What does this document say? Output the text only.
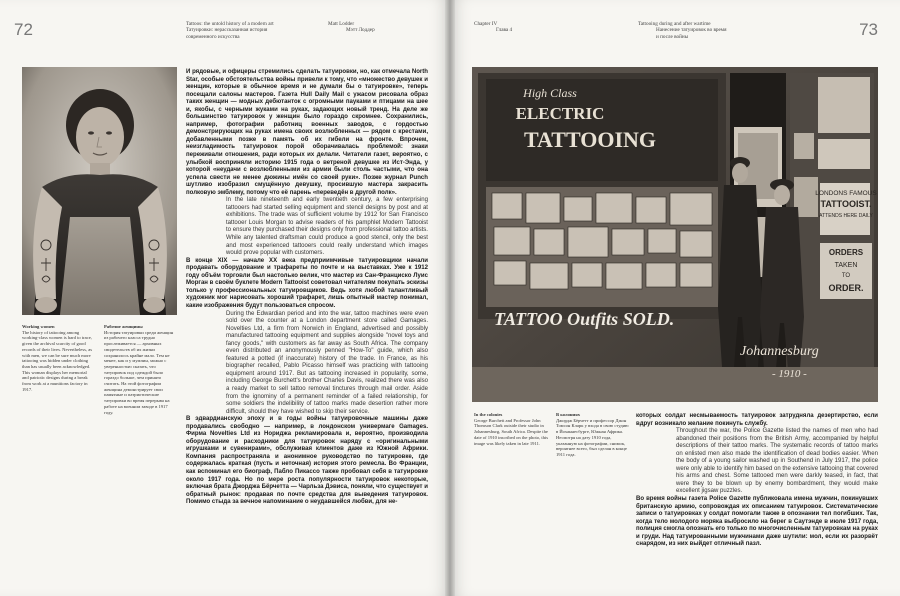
72	Tattoos: the untold history of a modern art
Татуировки: нерассказанная история
современного искусства
Matt Lodder
Мэтт Лоддер
Working women
The history of tattooing among working-class women is hard to trace, given the archival scarcity of good records of their lives. Nevertheless, as with men, we can be sure much more tattooing was hidden under clothing than has usually been acknowledged. This woman displays her memorial and patriotic designs during a break from work at a munitions factory in 1917.
Рабочие женщины
История татуировки среди женщин из рабочего класса трудно прослеживается — архивных свидетельств об их жизни сохранилось крайне мало. Тем не менее, как и у мужчин, можно с уверенностью сказать, что татуировок под одеждой было гораздо больше, чем принято считать. На этой фотографии женщина демонстрирует свои памятные и патриотические татуировки во время перерыва на работе на военном заводе в 1917 году.

И рядовые, и офицеры стремились сделать татуировки, но, как отмечала North Star, особые обстоятельства войны привели к тому, что «множество девушек и женщин, которые в обычное время и не думали бы о татуировке», теперь посещали салоны мастеров. Газета Hull Daily Mail с ужасом рисовала образ таких женщин — модных дебютанток с огромными пауками и птицами на шее и, якобы, с черными жуками на руках, задающих новый тренд. На деле же большинство татуировок у женщин было гораздо скромнее. Сохранились, например, фотографии работниц военных заводов, с гордостью демонстрирующих на руках имена своих возлюбленных — рядом с крестами, добавленными позже в память об их гибели на фронте. Впрочем, неизгладимость татуировок порой оборачивалась проблемой: знаки переживали отношения, ради которых их делали. Читатели газет, вероятно, с улыбкой восприняли историю 1915 года о ветреной девушке из Ист-Энда, у которой «неудачи с возлюбленными из армии были столь частыми, что она успела свести не менее дюжины имён со своей руки». Позже журнал Punch шутливо изобразил смущённую девушку, просившую мастера закрасить полковую эмблему, потому что её парень «переведён в другой полк».

In the late nineteenth and early twentieth century, a few enterprising tattooers had started selling equipment and stencil designs by post and at exhibitions. The trade was of sufficient volume by 1912 for San Francisco tattooer Louis Morgan to advise readers of his pamphlet Modern Tattooist to ensure they purchased their designs only from professional tattoo artists. While any talented draftsman could produce a good stencil, only the best and most experienced tattooers could really understand which images would prove popular with customers.

В конце XIX — начале XX века предприимчивые татуировщики начали продавать оборудование и трафареты по почте и на выставках. Уже к 1912 году объём торговли был настолько велик, что мастер из Сан-Франциско Луис Морган в своём буклете Modern Tattooist советовал читателям покупать эскизы только у профессиональных татуировщиков. Ведь хотя любой талантливый художник мог нарисовать хороший трафарет, лишь опытный мастер понимал, какие изображения будут пользоваться спросом.

During the Edwardian period and into the war, tattoo machines were even sold over the counter at a London department store called Gamages. Novelties Ltd, a firm from Norwich in England, advertised and possibly manufactured tattooing equipment and supplies alongside "novel toys and fancy goods," with customers as far away as South Africa. The company even distributed an anonymously penned "How-To" guide, which also featured a potted (if inaccurate) history of the trade. In France, as his biographer recalled, Pablo Picasso himself was practicing with tattooing equipment around 1917. But as tattooing increased in popularity, some, including George Burchett's brother Charles Davis, realized there was also a ready market to sell tattoo removal tinctures through mail order. Aside from the ignominy of a permanent reminder of a failed relationship, for some soldiers the indelibility of tattoo marks made desertion rather more difficult, should they have wished to skip their service.

В эдвардианскую эпоху и в годы войны татуировочные машины даже продавались свободно — например, в лондонском универмаге Gamages. Фирма Novelties Ltd из Нориджа рекламировала и, вероятно, производила оборудование и расходники для татуировок наряду с «оригинальными игрушками и сувенирами», обслуживая клиентов даже из Южной Африки. Компания распространяла и анонимное руководство по татуировке, где содержалась краткая (пусть и неточная) история этого ремесла. Во Франции, как вспоминал его биограф, Пабло Пикассо также пробовал себя в татуировке около 1917 года. Но по мере роста популярности татуировок некоторые, включая брата Джорджа Бёрчетта — Чарльза Дэвиса, поняли, что существует и обратный рынок: продавая по почте средства для выведения татуировок. Помимо стыда за вечное напоминание о неудавшейся любви, для не-

Chapter IV
Глава 4
Tattooing during and after wartime
Нанесение татуировок во время
и после войны	73
High Class
ELECTRIC
TATTOOING
TATTOO Outfits SOLD.
Johannesburg
- 1910 -
LONDONS FAMOUS
TATTOOIST.
ATTENDS HERE DAILY
ORDERS
TAKEN
TO
ORDER.
In the colonies
George Burchett and Professor John Thomson Clark outside their studio in Johannesburg, South Africa. Despite the date of 1910 inscribed on the photo, this image was likely taken in late 1911.
В колониях
Джордж Бёрчетт и профессор Джон Томсон Кларк у входа в свою студию в Йоханнесбурге, Южная Африка. Несмотря на дату 1910 года, указанную на фотографии, снимок, вероятнее всего, был сделан в конце 1911 года.

которых солдат несмываемость татуировок затрудняла дезертирство, если вдруг возникало желание покинуть службу.

Throughout the war, the Police Gazette listed the names of men who had abandoned their positions from the British Army, accompanied by helpful descriptions of their tattoo marks. The systematic records of tattoo marks on enlisted men also made the identification of dead bodies easier. When the body of a young sailor washed up in Southend in July 1917, the police were only able to identify him based on the extensive tattooing that covered his arms and chest. Some tattooed men were darkly teased, in fact, that were they to be blown up by enemy bombardment, they would make excellent jigsaw puzzles.

Во время войны газета Police Gazette публиковала имена мужчин, покинувших британскую армию, сопровождая их описанием татуировок. Систематические записи о татуировках у солдат помогали также в опознании тел погибших. Так, когда тело молодого моряка выбросило на берег в Саутэнде в июле 1917 года, полиция смогла опознать его только по многочисленным татуировкам на руках и груди. Над татуированными мужчинами даже шутили: мол, если их разорвёт снарядом, из них выйдет отличный пазл.
